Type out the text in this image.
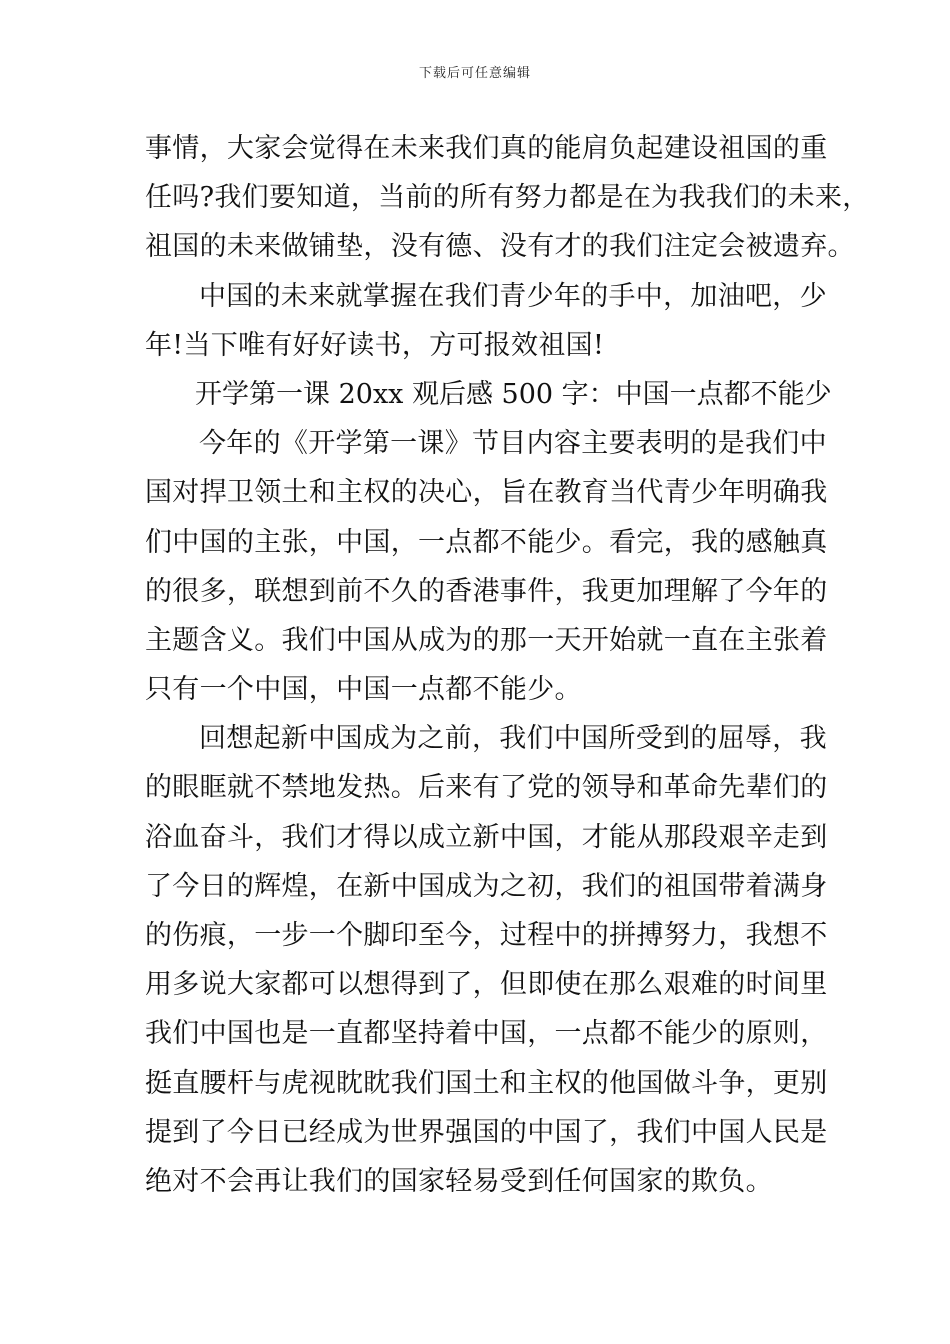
下载后可任意编辑
事情，大家会觉得在未来我们真的能肩负起建设祖国的重
任吗?我们要知道，当前的所有努力都是在为我我们的未来，
祖国的未来做铺垫，没有德、没有才的我们注定会被遗弃。
中国的未来就掌握在我们青少年的手中，加油吧，少
年!当下唯有好好读书，方可报效祖国!
开学第一课 20xx 观后感 500 字：中国一点都不能少
今年的《开学第一课》节目内容主要表明的是我们中
国对捍卫领土和主权的决心，旨在教育当代青少年明确我
们中国的主张，中国，一点都不能少。看完，我的感触真
的很多，联想到前不久的香港事件，我更加理解了今年的
主题含义。我们中国从成为的那一天开始就一直在主张着
只有一个中国，中国一点都不能少。
回想起新中国成为之前，我们中国所受到的屈辱，我
的眼眶就不禁地发热。后来有了党的领导和革命先辈们的
浴血奋斗，我们才得以成立新中国，才能从那段艰辛走到
了今日的辉煌，在新中国成为之初，我们的祖国带着满身
的伤痕，一步一个脚印至今，过程中的拼搏努力，我想不
用多说大家都可以想得到了，但即使在那么艰难的时间里
我们中国也是一直都坚持着中国，一点都不能少的原则，
挺直腰杆与虎视眈眈我们国土和主权的他国做斗争，更别
提到了今日已经成为世界强国的中国了，我们中国人民是
绝对不会再让我们的国家轻易受到任何国家的欺负。
